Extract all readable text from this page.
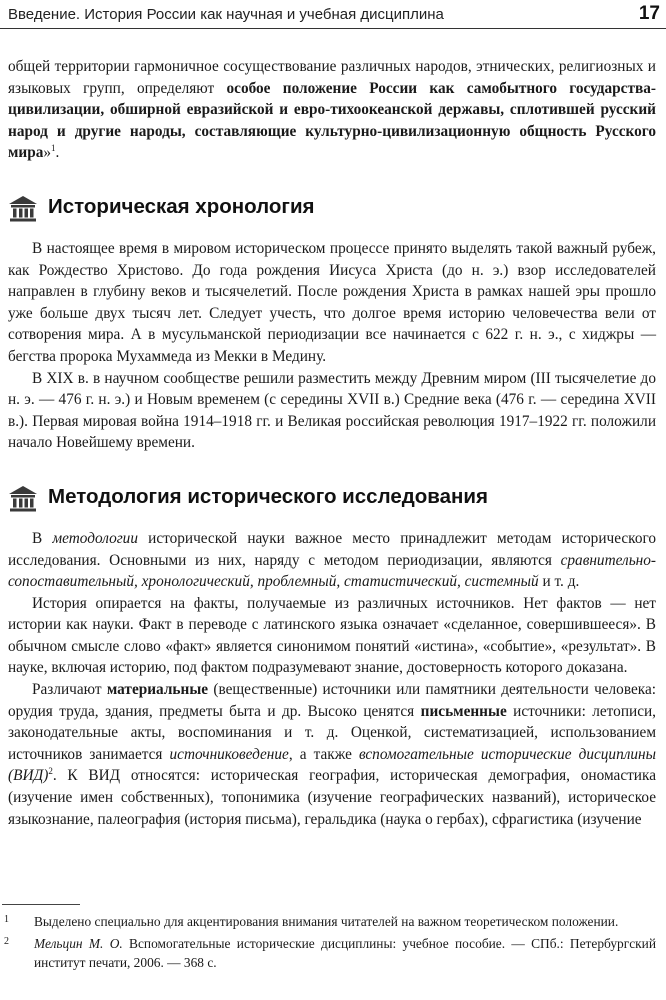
Введение. История России как научная и учебная дисциплина	17

общей территории гармоничное сосуществование различных народов, этнических, религиозных и языковых групп, определяют особое положение России как самобытного государства-цивилизации, обширной евразийской и евро-тихоокеанской державы, сплотившей русский народ и другие народы, составляющие культурно-цивилизационную общность Русского мира»$^1$.

Историческая хронология

В настоящее время в мировом историческом процессе принято выделять такой важный рубеж, как Рождество Христово. До года рождения Иисуса Христа (до н. э.) взор исследователей направлен в глубину веков и тысячелетий. После рождения Христа в рамках нашей эры прошло уже больше двух тысяч лет. Следует учесть, что долгое время историю человечества вели от сотворения мира. А в мусульманской периодизации все начинается с 622 г. н. э., с хиджры — бегства пророка Мухаммеда из Мекки в Медину.

В XIX в. в научном сообществе решили разместить между Древним миром (III тысячелетие до н. э. — 476 г. н. э.) и Новым временем (с середины XVII в.) Средние века (476 г. — середина XVII в.). Первая мировая война 1914–1918 гг. и Великая российская революция 1917–1922 гг. положили начало Новейшему времени.

Методология исторического исследования

В методологии исторической науки важное место принадлежит методам исторического исследования. Основными из них, наряду с методом периодизации, являются сравнительно-сопоставительный, хронологический, проблемный, статистический, системный и т. д.

История опирается на факты, получаемые из различных источников. Нет фактов — нет истории как науки. Факт в переводе с латинского языка означает «сделанное, совершившееся». В обычном смысле слово «факт» является синонимом понятий «истина», «событие», «результат». В науке, включая историю, под фактом подразумевают знание, достоверность которого доказана.

Различают материальные (вещественные) источники или памятники деятельности человека: орудия труда, здания, предметы быта и др. Высоко ценятся письменные источники: летописи, законодательные акты, воспоминания и т. д. Оценкой, систематизацией, использованием источников занимается источниковедение, а также вспомогательные исторические дисциплины (ВИД)$^2$. К ВИД относятся: историческая география, историческая демография, ономастика (изучение имен собственных), топонимика (изучение географических названий), историческое языкознание, палеография (история письма), геральдика (наука о гербах), сфрагистика (изучение

1 Выделено специально для акцентирования внимания читателей на важном теоретическом положении.
2 Мельцин М. О. Вспомогательные исторические дисциплины: учебное пособие. — СПб.: Петербургский институт печати, 2006. — 368 с.
